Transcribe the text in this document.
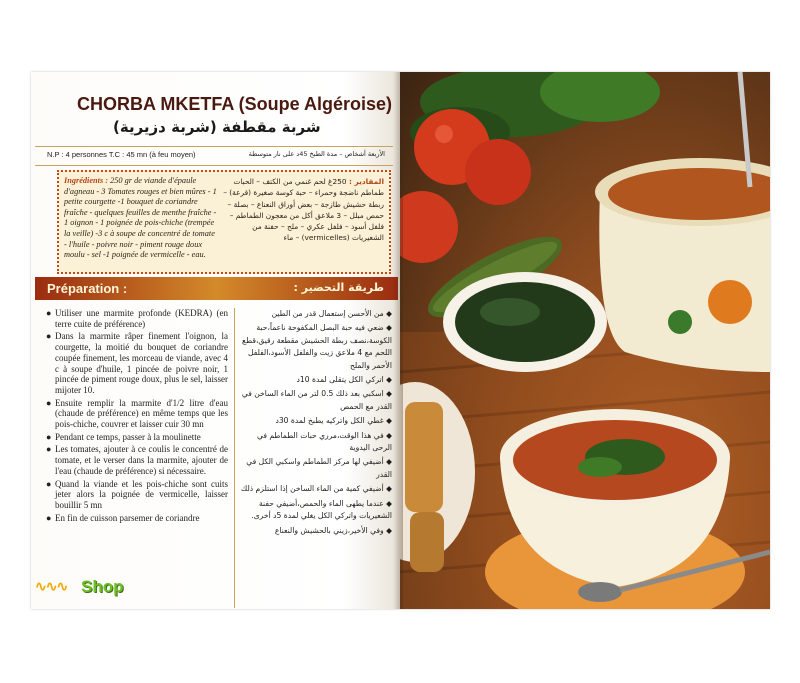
CHORBA MKETFA (Soupe Algéroise)
شربة مقطفة (شربة دزيرية)
N.P : 4 personnes T.C : 45 mn (à feu moyen)	الأربعة أشخاص – مدة الطبخ 45د على نار متوسطة
Ingrédients : 250 gr de viande d'épaule d'agneau - 3 Tomates rouges et bien mûres - 1 petite courgette -1 bouquet de coriandre fraîche - quelques feuilles de menthe fraîche - 1 oignon - 1 poignée de pois-chiche (trempée la veille) -3 c à soupe de concentré de tomate - l'huile - poivre noir - piment rouge doux moulu - sel -1 poignée de vermicelle - eau.
المقادير : 250غ لحم غنمي من الكتف – الحبات طماطم ناضجة وحمراء – حبة كوسة صغيرة (قرعة) – ربطة حشيش طازجة – بعض أوراق النعناع – بصلة – حمص مبلل – 3 ملاعق أكل من معجون الطماطم – فلفل أسود – فلفل عكري – ملح – حفنة من الشعيريات (vermicelles) – ماء
Préparation :	طريقة التحضير :

● Utiliser une marmite profonde (KEDRA) (en terre cuite de préférence)

● Dans la marmite râper finement l'oignon, la courgette, la moitié du bouquet de coriandre coupée finement, les morceau de viande, avec 4 c à soupe d'huile, 1 pincée de poivre noir, 1 pincée de piment rouge doux, plus le sel, laisser mijoter 10.

● Ensuite remplir la marmite d'1/2 litre d'eau (chaude de préférence) en même temps que les pois-chiche, couvrer et laisser cuir 30 mn

● Pendant ce temps, passer à la moulinette

● Les tomates, ajouter à ce coulis le concentré de tomate, et le verser dans la marmite, ajouter de l'eau (chaude de préférence) si nécessaire.

● Quand la viande et les pois-chiche sont cuits jeter alors la poignée de vermicelle, laisser bouillir 5 mn

● En fin de cuisson parsemer de coriandre

◆ من الأحسن إستعمال قدر من الطين

◆ ضعي فيه حبة البصل المكفوحة ناعماً،حبة الكوسة،نصف ربطة الحشيش مقطعة رقيق،قطع اللحم مع 4 ملاعق زيت والفلفل الأسود،الفلفل الأحمر والملح

◆ اتركي الكل يتقلى لمدة 10د

◆ اسكبي بعد ذلك 0.5 لتر من الماء الساخن في القدر مع الحمص

◆ غطي الكل واتركيه يطبخ لمدة 30د

◆ في هذا الوقت،مرري حبات الطماطم في الرحى اليدوية

◆ أضيفي لها مركز الطماطم واسكبي الكل في القدر

◆ أضيفي كمية من الماء الساخن إذا استلزم ذلك

◆ عندما يطهى الماء والحمص،أضيفي حفنة الشعيريات واتركي الكل يغلي لمدة 5د أخرى.

◆ وفي الأخير،زيني بالحشيش والنعناع

∿∿∿ Shop
